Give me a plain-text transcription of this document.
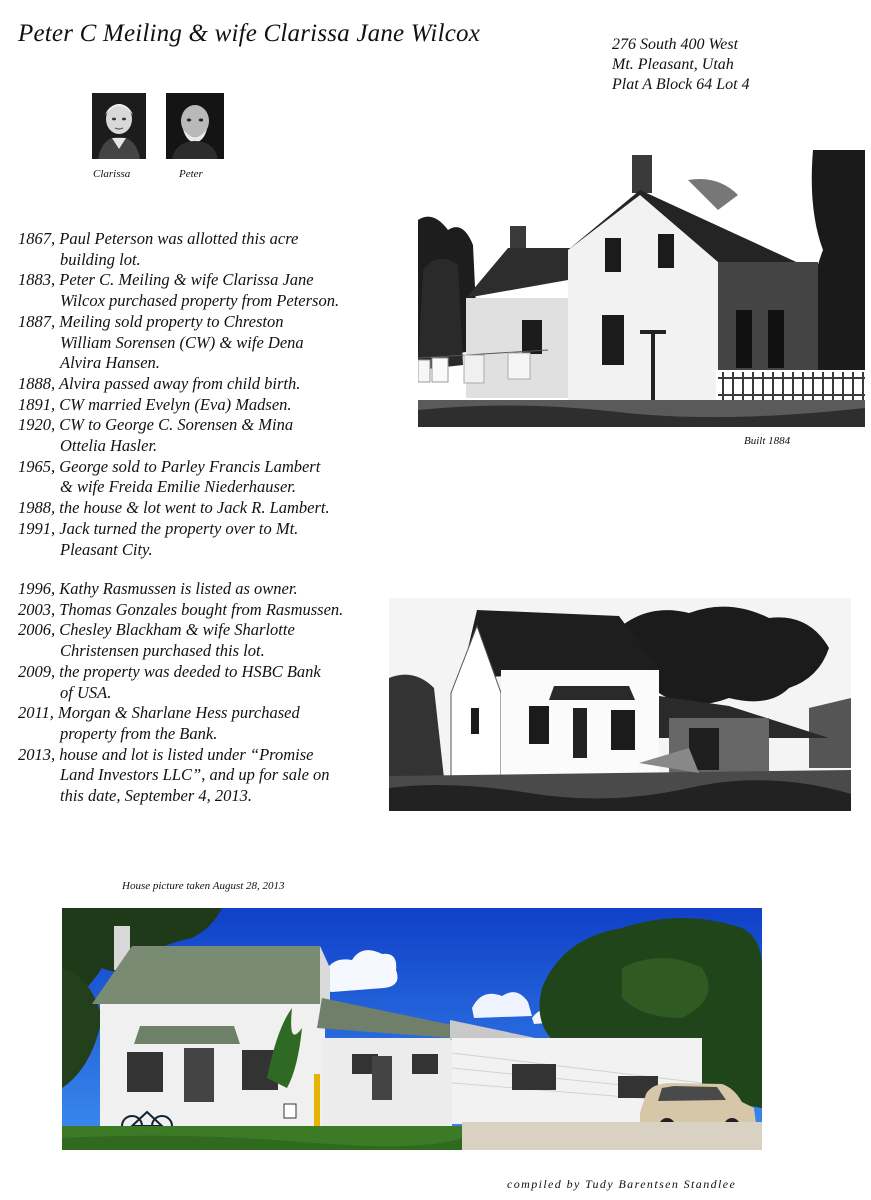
Peter C Meiling & wife Clarissa Jane Wilcox	276 South 400 West
Mt. Pleasant, Utah
Plat A Block 64 Lot 4
Clarissa	Peter
1867, Paul Peterson was allotted this acre
building lot.
1883, Peter C. Meiling & wife Clarissa Jane
Wilcox purchased property from Peterson.
1887, Meiling sold property to Chreston
William Sorensen (CW) & wife Dena
Alvira Hansen.
1888, Alvira passed away from child birth.
1891, CW married Evelyn (Eva) Madsen.
1920, CW to George C. Sorensen & Mina
Ottelia Hasler.
1965, George sold to Parley Francis Lambert
& wife Freida Emilie Niederhauser.
1988, the house & lot went to Jack R. Lambert.
1991, Jack turned the property over to Mt.
Pleasant City.
1996, Kathy Rasmussen is listed as owner.
2003, Thomas Gonzales bought from Rasmussen.
2006, Chesley Blackham & wife Sharlotte
Christensen purchased this lot.
2009, the property was deeded to HSBC Bank
of USA.
2011, Morgan & Sharlane Hess purchased
property from the Bank.
2013, house and lot is listed under “Promise
Land Investors LLC”, and up for sale on
this date, September 4, 2013.
Built 1884
House picture taken August 28, 2013
compiled by Tudy Barentsen Standlee
